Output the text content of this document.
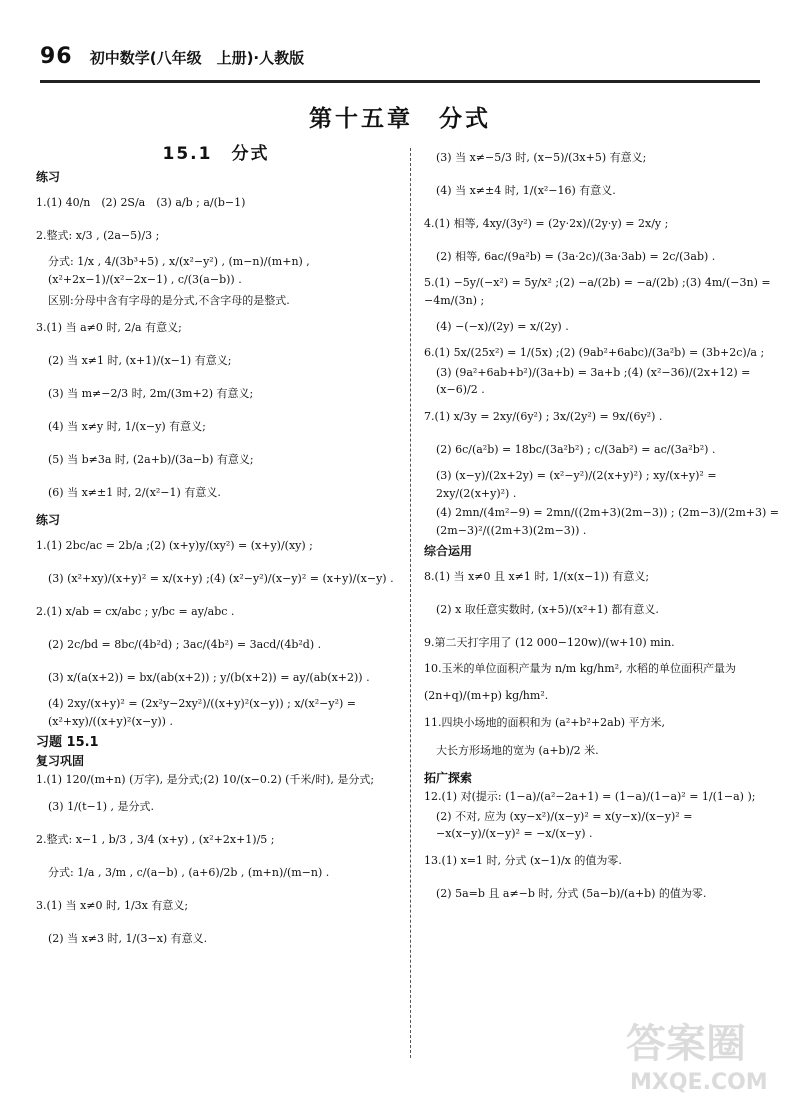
96 初中数学(八年级　上册)·人教版
第十五章　分式
15.1　分式
练习
1.(1) 40/n　(2) 2S/a　(3) a/b ; a/(b−1)
2.整式: x/3 , (2a−5)/3 ;
分式: 1/x , 4/(3b³+5) , x/(x²−y²) , (m−n)/(m+n) , (x²+2x−1)/(x²−2x−1) , c/(3(a−b)) .
区别:分母中含有字母的是分式,不含字母的是整式.
3.(1) 当 a≠0 时, 2/a 有意义;
(2) 当 x≠1 时, (x+1)/(x−1) 有意义;
(3) 当 m≠−2/3 时, 2m/(3m+2) 有意义;
(4) 当 x≠y 时, 1/(x−y) 有意义;
(5) 当 b≠3a 时, (2a+b)/(3a−b) 有意义;
(6) 当 x≠±1 时, 2/(x²−1) 有意义.
练习
1.(1) 2bc/ac = 2b/a ;(2) (x+y)y/(xy²) = (x+y)/(xy) ;
(3) (x²+xy)/(x+y)² = x/(x+y) ;(4) (x²−y²)/(x−y)² = (x+y)/(x−y) .
2.(1) x/ab = cx/abc ; y/bc = ay/abc .
(2) 2c/bd = 8bc/(4b²d) ; 3ac/(4b²) = 3acd/(4b²d) .
(3) x/(a(x+2)) = bx/(ab(x+2)) ; y/(b(x+2)) = ay/(ab(x+2)) .
(4) 2xy/(x+y)² = (2x²y−2xy²)/((x+y)²(x−y)) ; x/(x²−y²) = (x²+xy)/((x+y)²(x−y)) .
习题 15.1
复习巩固
1.(1) 120/(m+n) (万字), 是分式;(2) 10/(x−0.2) (千米/时), 是分式;
(3) 1/(t−1) , 是分式.
2.整式: x−1 , b/3 , 3/4 (x+y) , (x²+2x+1)/5 ;
分式: 1/a , 3/m , c/(a−b) , (a+6)/2b , (m+n)/(m−n) .
3.(1) 当 x≠0 时, 1/3x 有意义;
(2) 当 x≠3 时, 1/(3−x) 有意义.
(3) 当 x≠−5/3 时, (x−5)/(3x+5) 有意义;
(4) 当 x≠±4 时, 1/(x²−16) 有意义.
4.(1) 相等, 4xy/(3y²) = (2y·2x)/(2y·y) = 2x/y ;
(2) 相等, 6ac/(9a²b) = (3a·2c)/(3a·3ab) = 2c/(3ab) .
5.(1) −5y/(−x²) = 5y/x² ;(2) −a/(2b) = −a/(2b) ;(3) 4m/(−3n) = −4m/(3n) ;
(4) −(−x)/(2y) = x/(2y) .
6.(1) 5x/(25x²) = 1/(5x) ;(2) (9ab²+6abc)/(3a²b) = (3b+2c)/a ;
(3) (9a²+6ab+b²)/(3a+b) = 3a+b ;(4) (x²−36)/(2x+12) = (x−6)/2 .
7.(1) x/3y = 2xy/(6y²) ; 3x/(2y²) = 9x/(6y²) .
(2) 6c/(a²b) = 18bc/(3a²b²) ; c/(3ab²) = ac/(3a²b²) .
(3) (x−y)/(2x+2y) = (x²−y²)/(2(x+y)²) ; xy/(x+y)² = 2xy/(2(x+y)²) .
(4) 2mn/(4m²−9) = 2mn/((2m+3)(2m−3)) ; (2m−3)/(2m+3) = (2m−3)²/((2m+3)(2m−3)) .
综合运用
8.(1) 当 x≠0 且 x≠1 时, 1/(x(x−1)) 有意义;
(2) x 取任意实数时, (x+5)/(x²+1) 都有意义.
9.第二天打字用了 (12 000−120w)/(w+10) min.
10.玉米的单位面积产量为 n/m kg/hm², 水稻的单位面积产量为
(2n+q)/(m+p) kg/hm².
11.四块小场地的面积和为 (a²+b²+2ab) 平方米,
大长方形场地的宽为 (a+b)/2 米.
拓广探索
12.(1) 对(提示: (1−a)/(a²−2a+1) = (1−a)/(1−a)² = 1/(1−a) );
(2) 不对, 应为 (xy−x²)/(x−y)² = x(y−x)/(x−y)² = −x(x−y)/(x−y)² = −x/(x−y) .
13.(1) x=1 时, 分式 (x−1)/x 的值为零.
(2) 5a=b 且 a≠−b 时, 分式 (5a−b)/(a+b) 的值为零.
答案圈
MXQE.COM
